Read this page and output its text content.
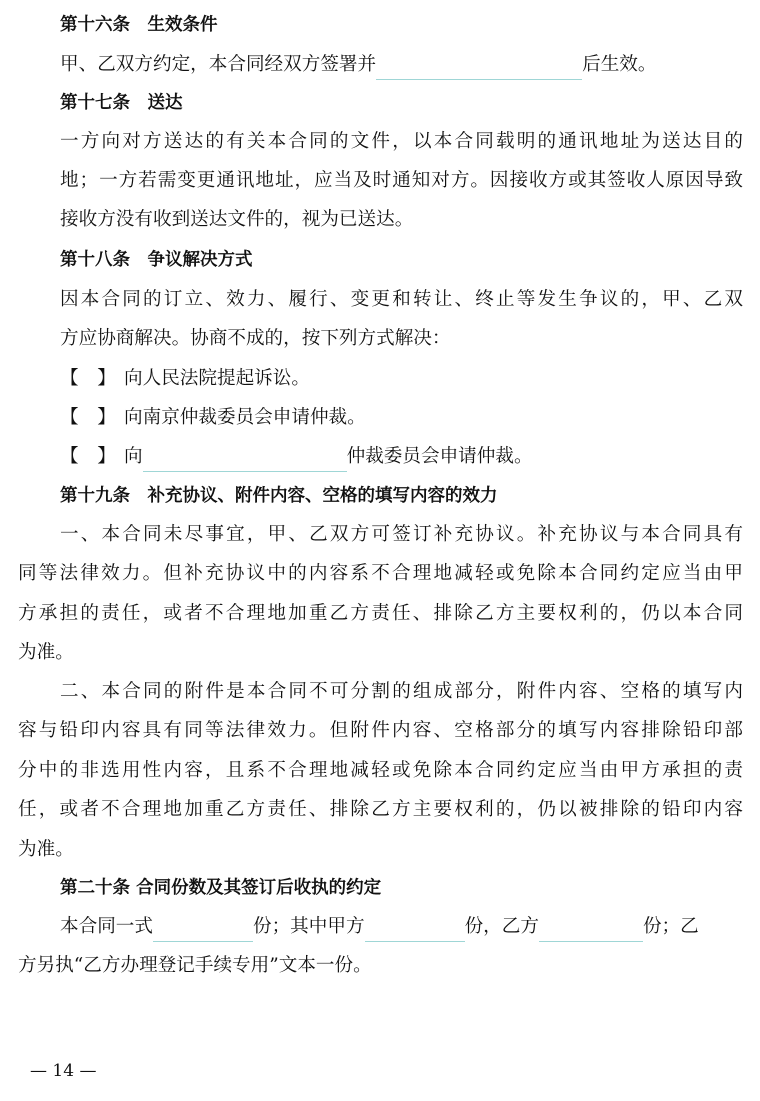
第十六条　生效条件
甲、乙双方约定，本合同经双方签署并	后生效。
第十七条　送达
一方向对方送达的有关本合同的文件，以本合同载明的通讯地址为送达目的
地；一方若需变更通讯地址，应当及时通知对方。因接收方或其签收人原因导致
接收方没有收到送达文件的，视为已送达。
第十八条　争议解决方式
因本合同的订立、效力、履行、变更和转让、终止等发生争议的，甲、乙双
方应协商解决。协商不成的，按下列方式解决：
【　】 向人民法院提起诉讼。
【　】 向南京仲裁委员会申请仲裁。
【　】 向	仲裁委员会申请仲裁。
第十九条　补充协议、附件内容、空格的填写内容的效力
一、本合同未尽事宜，甲、乙双方可签订补充协议。补充协议与本合同具有
同等法律效力。但补充协议中的内容系不合理地减轻或免除本合同约定应当由甲
方承担的责任，或者不合理地加重乙方责任、排除乙方主要权利的，仍以本合同
为准。
二、本合同的附件是本合同不可分割的组成部分，附件内容、空格的填写内
容与铅印内容具有同等法律效力。但附件内容、空格部分的填写内容排除铅印部
分中的非选用性内容，且系不合理地减轻或免除本合同约定应当由甲方承担的责
任，或者不合理地加重乙方责任、排除乙方主要权利的，仍以被排除的铅印内容
为准。
第二十条 合同份数及其签订后收执的约定
本合同一式	份；其中甲方	份，乙方	份；乙
方另执“乙方办理登记手续专用”文本一份。
— 14 —
